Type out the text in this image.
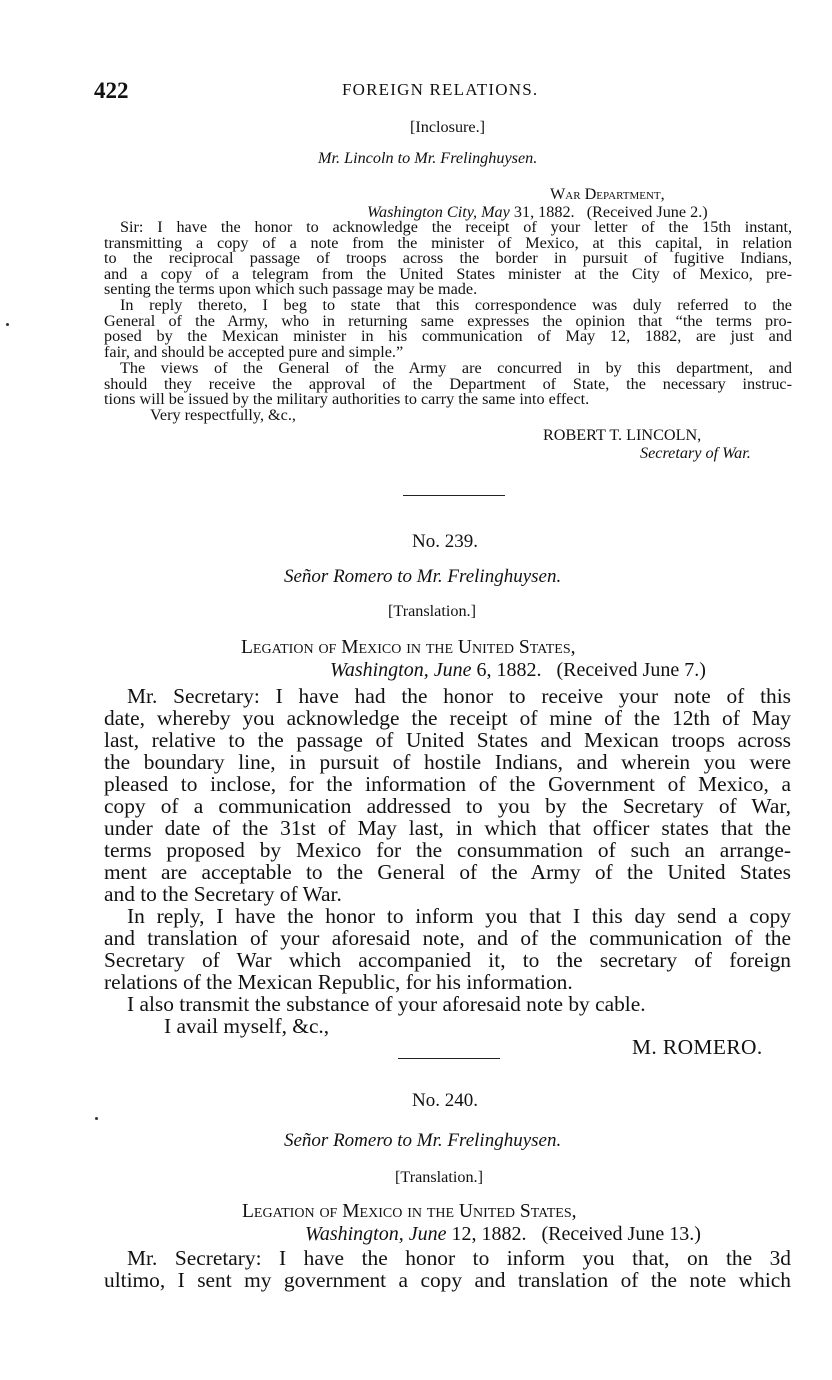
422	FOREIGN RELATIONS.
[Inclosure.]
Mr. Lincoln to Mr. Frelinghuysen.
War Department,
Washington City, May 31, 1882.   (Received June 2.)
Sir: I have the honor to acknowledge the receipt of your letter of the 15th instant,
transmitting a copy of a note from the minister of Mexico, at this capital, in relation
to the reciprocal passage of troops across the border in pursuit of fugitive Indians,
and a copy of a telegram from the United States minister at the City of Mexico, pre-
senting the terms upon which such passage may be made.
In reply thereto, I beg to state that this correspondence was duly referred to the
General of the Army, who in returning same expresses the opinion that “the terms pro-
posed by the Mexican minister in his communication of May 12, 1882, are just and
fair, and should be accepted pure and simple.”
The views of the General of the Army are concurred in by this department, and
should they receive the approval of the Department of State, the necessary instruc-
tions will be issued by the military authorities to carry the same into effect.
Very respectfully, &c.,
ROBERT T. LINCOLN,
Secretary of War.
No. 239.
Señor Romero to Mr. Frelinghuysen.
[Translation.]
Legation of Mexico in the United States,
Washington, June 6, 1882.   (Received June 7.)
Mr. Secretary: I have had the honor to receive your note of this
date, whereby you acknowledge the receipt of mine of the 12th of May
last, relative to the passage of United States and Mexican troops across
the boundary line, in pursuit of hostile Indians, and wherein you were
pleased to inclose, for the information of the Government of Mexico, a
copy of a communication addressed to you by the Secretary of War,
under date of the 31st of May last, in which that officer states that the
terms proposed by Mexico for the consummation of such an arrange-
ment are acceptable to the General of the Army of the United States
and to the Secretary of War.
In reply, I have the honor to inform you that I this day send a copy
and translation of your aforesaid note, and of the communication of the
Secretary of War which accompanied it, to the secretary of foreign
relations of the Mexican Republic, for his information.
I also transmit the substance of your aforesaid note by cable.
I avail myself, &c.,
M. ROMERO.
No. 240.
Señor Romero to Mr. Frelinghuysen.
[Translation.]
Legation of Mexico in the United States,
Washington, June 12, 1882.   (Received June 13.)
Mr. Secretary: I have the honor to inform you that, on the 3d
ultimo, I sent my government a copy and translation of the note which
